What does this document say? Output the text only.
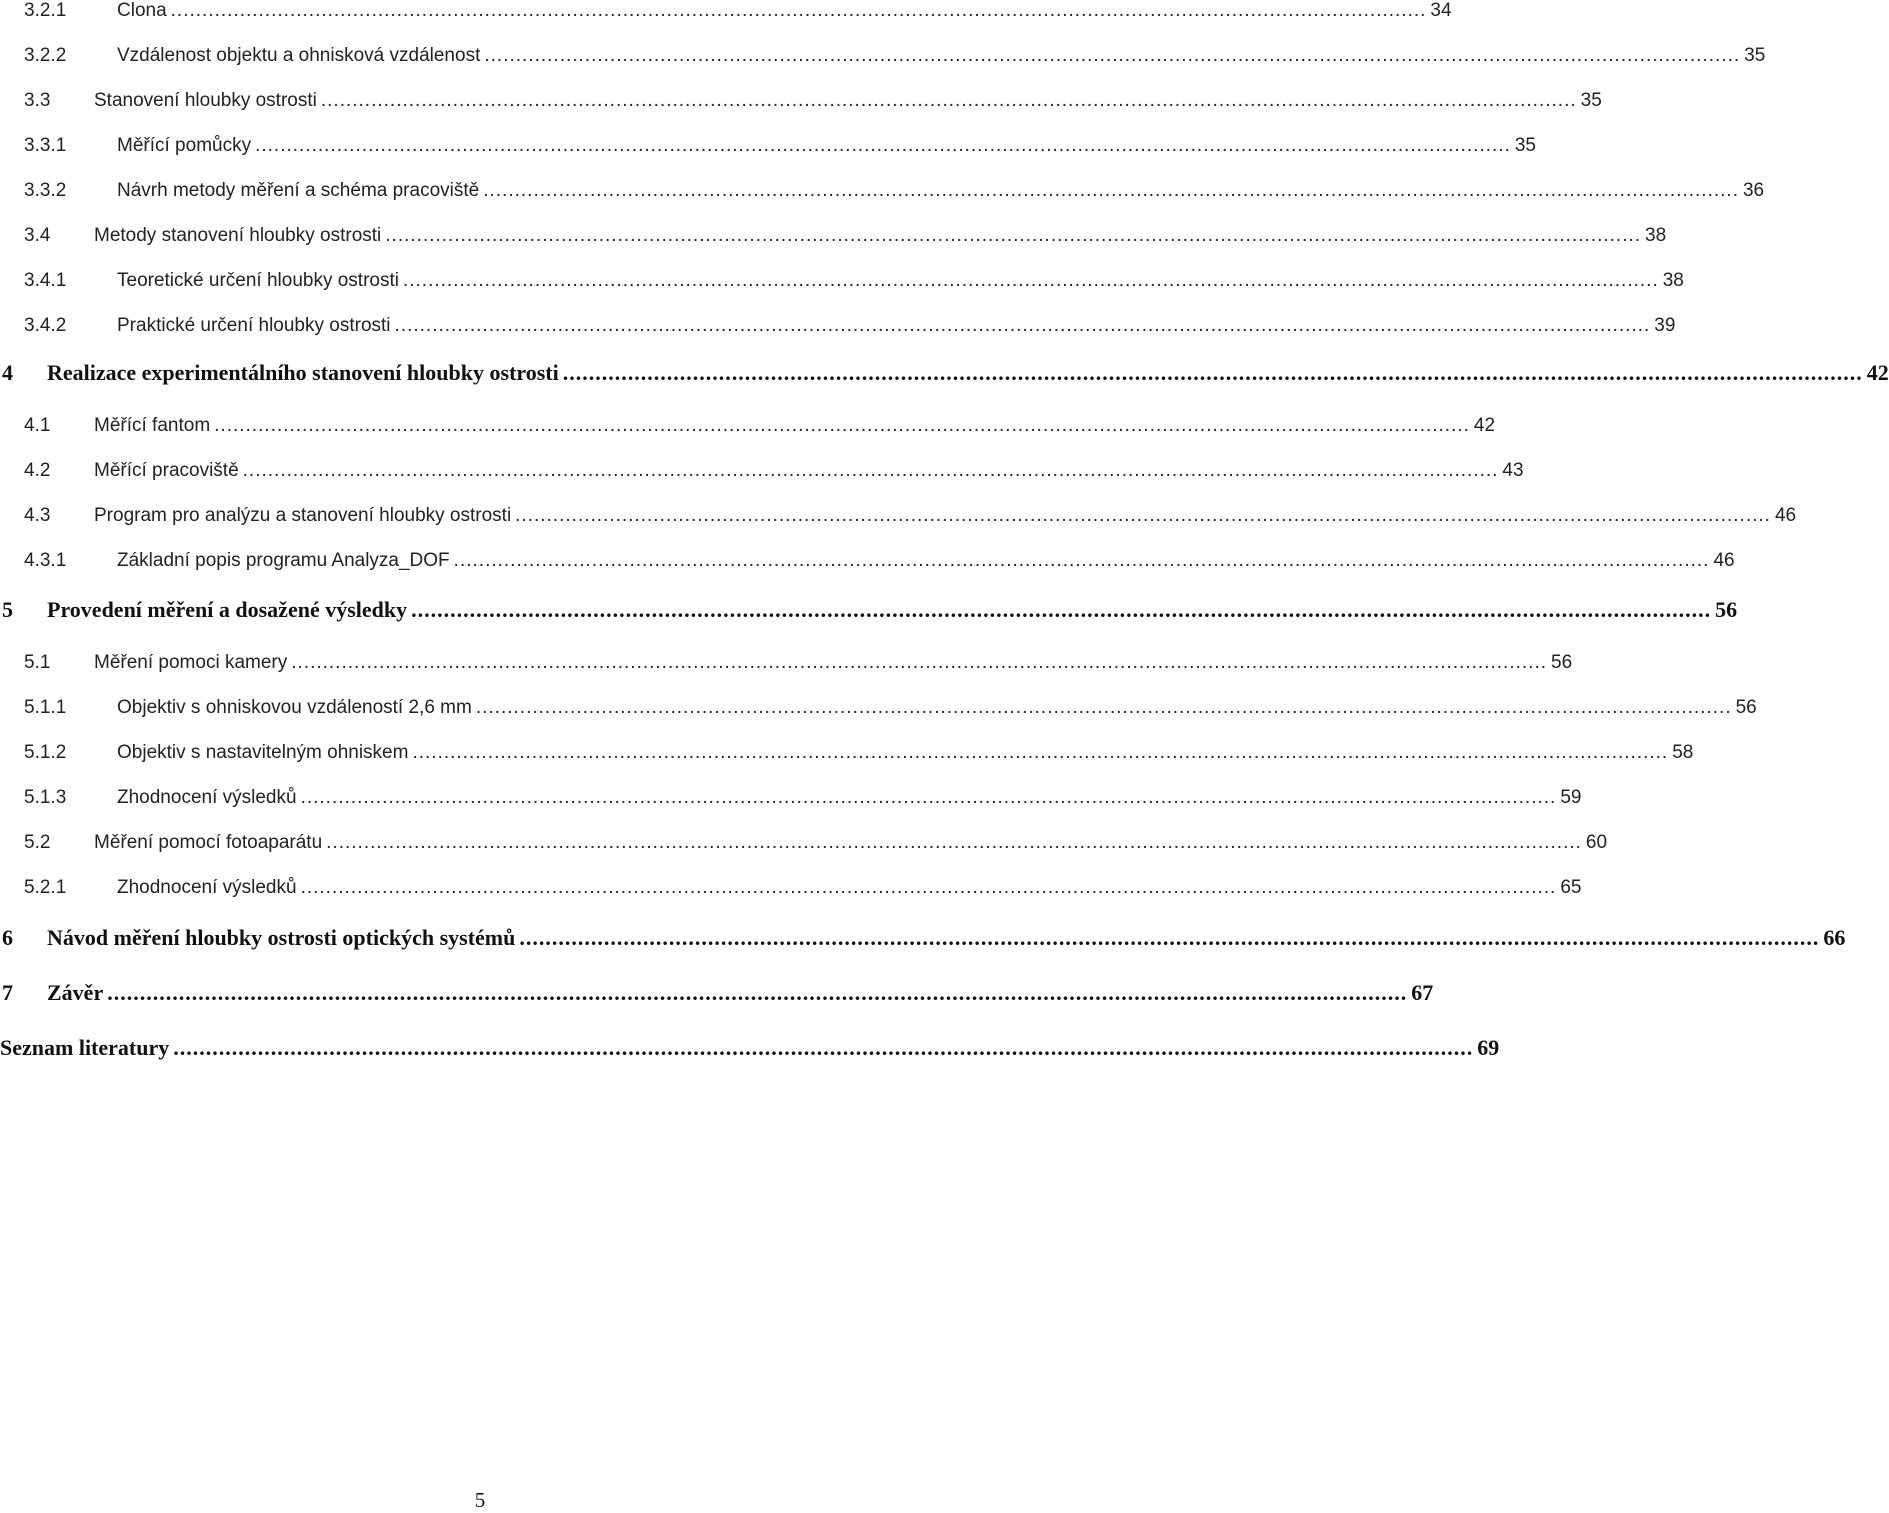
3.2.1	Clona ........................................................................................................................................................................................................ 34
3.2.2	Vzdálenost objektu a ohnisková vzdálenost ........................................................................................................................................................................................................ 35
3.3 Stanovení hloubky ostrosti ........................................................................................................................................................................................................ 35
3.3.1	Měřící pomůcky ........................................................................................................................................................................................................ 35
3.3.2	Návrh metody měření a schéma pracoviště ........................................................................................................................................................................................................ 36
3.4 Metody stanovení hloubky ostrosti ........................................................................................................................................................................................................ 38
3.4.1	Teoretické určení hloubky ostrosti ........................................................................................................................................................................................................ 38
3.4.2	Praktické určení hloubky ostrosti ........................................................................................................................................................................................................ 39
4 Realizace experimentálního stanovení hloubky ostrosti ........................................................................................................................................................................................................ 42
4.1 Měřící fantom ........................................................................................................................................................................................................ 42
4.2 Měřící pracoviště ........................................................................................................................................................................................................ 43
4.3 Program pro analýzu a stanovení hloubky ostrosti ........................................................................................................................................................................................................ 46
4.3.1	Základní popis programu Analyza_DOF ........................................................................................................................................................................................................ 46
5 Provedení měření a dosažené výsledky ........................................................................................................................................................................................................ 56
5.1 Měření pomoci kamery ........................................................................................................................................................................................................ 56
5.1.1	Objektiv s ohniskovou vzdáleností 2,6 mm ........................................................................................................................................................................................................ 56
5.1.2	Objektiv s nastavitelným ohniskem ........................................................................................................................................................................................................ 58
5.1.3	Zhodnocení výsledků ........................................................................................................................................................................................................ 59
5.2 Měření pomocí fotoaparátu ........................................................................................................................................................................................................ 60
5.2.1	Zhodnocení výsledků ........................................................................................................................................................................................................ 65
6 Návod měření hloubky ostrosti optických systémů ........................................................................................................................................................................................................ 66
7 Závěr ........................................................................................................................................................................................................ 67
Seznam literatury ........................................................................................................................................................................................................ 69
5
